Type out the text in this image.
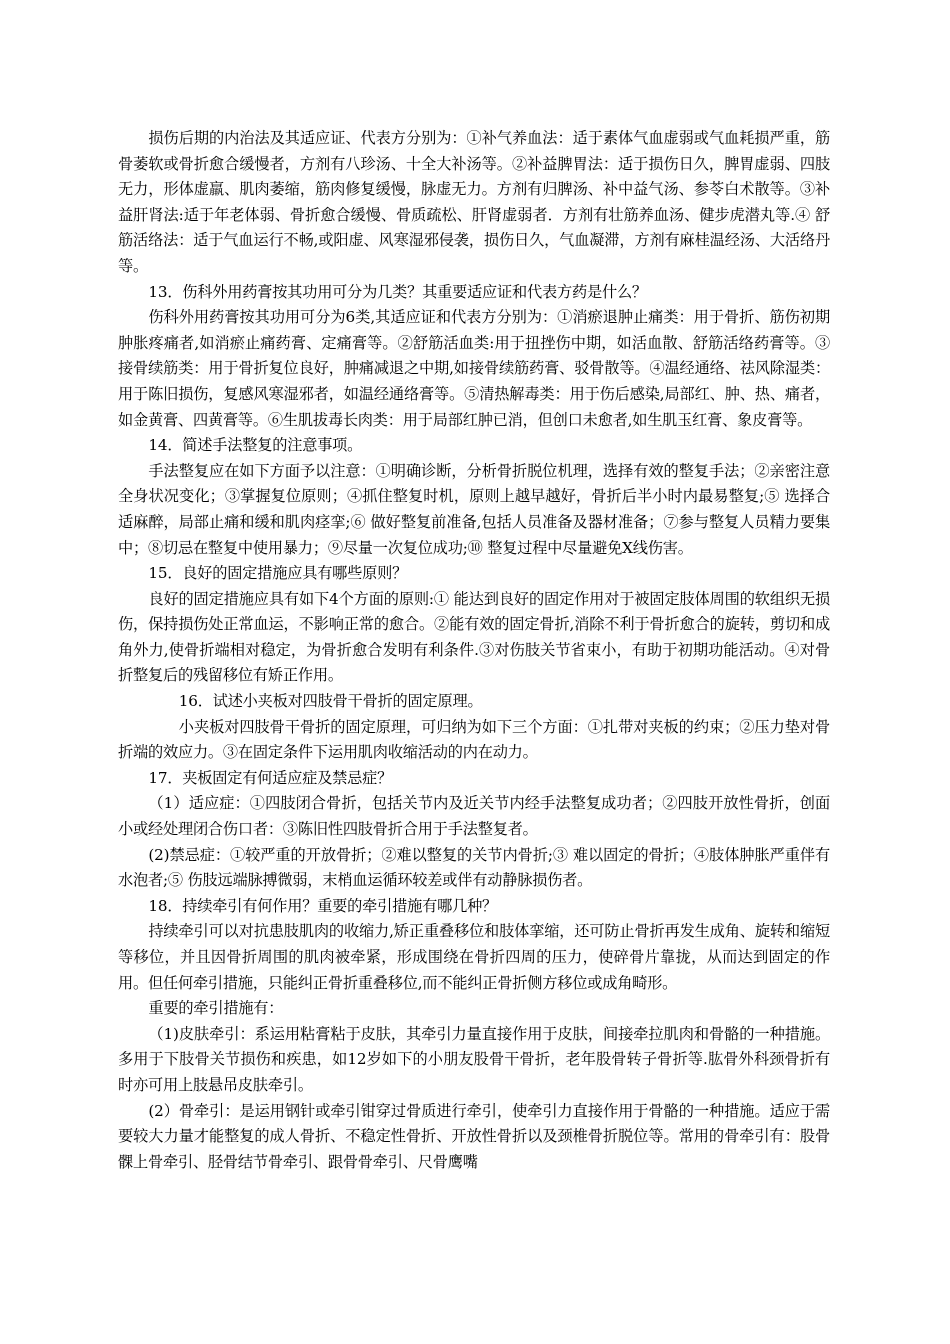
损伤后期的内治法及其适应证、代表方分别为：①补气养血法：适于素体气血虚弱或气血耗损严重，筋骨萎软或骨折愈合缓慢者，方剂有八珍汤、十全大补汤等。②补益脾胃法：适于损伤日久，脾胃虚弱、四肢无力，形体虚羸、肌肉萎缩，筋肉修复缓慢，脉虚无力。方剂有归脾汤、补中益气汤、参苓白术散等。③补益肝肾法:适于年老体弱、骨折愈合缓慢、骨质疏松、肝肾虚弱者．方剂有壮筋养血汤、健步虎潜丸等.④ 舒筋活络法：适于气血运行不畅,或阳虚、风寒湿邪侵袭，损伤日久，气血凝滞，方剂有麻桂温经汤、大活络丹等。

13．伤科外用药膏按其功用可分为几类？其重要适应证和代表方药是什么？

伤科外用药膏按其功用可分为6类,其适应证和代表方分别为：①消瘀退肿止痛类：用于骨折、筋伤初期肿胀疼痛者,如消瘀止痛药膏、定痛膏等。②舒筋活血类:用于扭挫伤中期，如活血散、舒筋活络药膏等。③接骨续筋类：用于骨折复位良好，肿痛减退之中期,如接骨续筋药膏、驳骨散等。④温经通络、祛风除湿类：用于陈旧损伤，复感风寒湿邪者，如温经通络膏等。⑤清热解毒类：用于伤后感染,局部红、肿、热、痛者，如金黄膏、四黄膏等。⑥生肌拔毒长肉类：用于局部红肿已消，但创口未愈者,如生肌玉红膏、象皮膏等。

14．简述手法整复的注意事项。

手法整复应在如下方面予以注意：①明确诊断，分析骨折脱位机理，选择有效的整复手法；②亲密注意全身状况变化；③掌握复位原则；④抓住整复时机，原则上越早越好，骨折后半小时内最易整复;⑤ 选择合适麻醉，局部止痛和缓和肌肉痉挛;⑥ 做好整复前准备,包括人员准备及器材准备；⑦参与整复人员精力要集中；⑧切忌在整复中使用暴力；⑨尽量一次复位成功;⑩ 整复过程中尽量避免X线伤害。

15．良好的固定措施应具有哪些原则？

良好的固定措施应具有如下4个方面的原则:① 能达到良好的固定作用对于被固定肢体周围的软组织无损伤，保持损伤处正常血运，不影响正常的愈合。②能有效的固定骨折,消除不利于骨折愈合的旋转，剪切和成角外力,使骨折端相对稳定，为骨折愈合发明有利条件.③对伤肢关节省束小，有助于初期功能活动。④对骨折整复后的残留移位有矫正作用。

16．试述小夹板对四肢骨干骨折的固定原理。

小夹板对四肢骨干骨折的固定原理，可归纳为如下三个方面：①扎带对夹板的约束；②压力垫对骨折端的效应力。③在固定条件下运用肌肉收缩活动的内在动力。

17．夹板固定有何适应症及禁忌症？

（1）适应症：①四肢闭合骨折，包括关节内及近关节内经手法整复成功者；②四肢开放性骨折，创面小或经处理闭合伤口者：③陈旧性四肢骨折合用于手法整复者。

(2)禁忌症：①较严重的开放骨折；②难以整复的关节内骨折;③ 难以固定的骨折；④肢体肿胀严重伴有水泡者;⑤ 伤肢远端脉搏微弱，末梢血运循环较差或伴有动静脉损伤者。

18．持续牵引有何作用？重要的牵引措施有哪几种？

持续牵引可以对抗患肢肌肉的收缩力,矫正重叠移位和肢体挛缩，还可防止骨折再发生成角、旋转和缩短等移位，并且因骨折周围的肌肉被牵紧，形成围绕在骨折四周的压力，使碎骨片靠拢，从而达到固定的作用。但任何牵引措施，只能纠正骨折重叠移位,而不能纠正骨折侧方移位或成角畸形。

重要的牵引措施有：

（1)皮肤牵引：系运用粘膏粘于皮肤，其牵引力量直接作用于皮肤，间接牵拉肌肉和骨骼的一种措施。多用于下肢骨关节损伤和疾患，如12岁如下的小朋友股骨干骨折，老年股骨转子骨折等.肱骨外科颈骨折有时亦可用上肢悬吊皮肤牵引。

(2）骨牵引：是运用钢针或牵引钳穿过骨质进行牵引，使牵引力直接作用于骨骼的一种措施。适应于需要较大力量才能整复的成人骨折、不稳定性骨折、开放性骨折以及颈椎骨折脱位等。常用的骨牵引有：股骨髁上骨牵引、胫骨结节骨牵引、跟骨骨牵引、尺骨鹰嘴
